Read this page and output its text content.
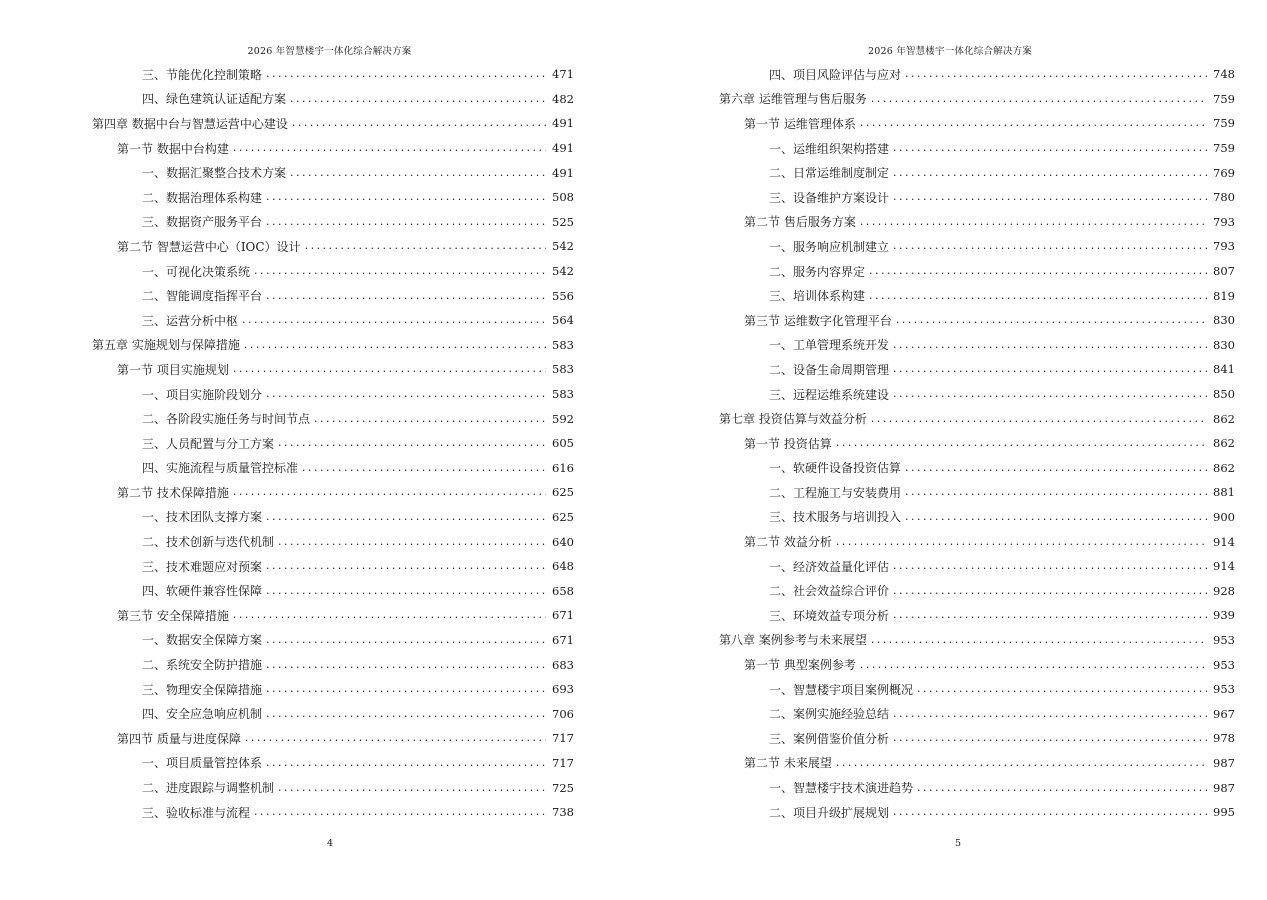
2026 年智慧楼宇一体化综合解决方案
三、节能优化控制策略 . . .	471
四、绿色建筑认证适配方案 . . .	482
第四章 数据中台与智慧运营中心建设 . . .	491
第一节 数据中台构建 . . .	491
一、数据汇聚整合技术方案 . . .	491
二、数据治理体系构建 . . .	508
三、数据资产服务平台 . . .	525
第二节 智慧运营中心（IOC）设计 . . .	542
一、可视化决策系统 . . .	542
二、智能调度指挥平台 . . .	556
三、运营分析中枢 . . .	564
第五章 实施规划与保障措施 . . .	583
第一节 项目实施规划 . . .	583
一、项目实施阶段划分 . . .	583
二、各阶段实施任务与时间节点 . . .	592
三、人员配置与分工方案 . . .	605
四、实施流程与质量管控标准 . . .	616
第二节 技术保障措施 . . .	625
一、技术团队支撑方案 . . .	625
二、技术创新与迭代机制 . . .	640
三、技术难题应对预案 . . .	648
四、软硬件兼容性保障 . . .	658
第三节 安全保障措施 . . .	671
一、数据安全保障方案 . . .	671
二、系统安全防护措施 . . .	683
三、物理安全保障措施 . . .	693
四、安全应急响应机制 . . .	706
第四节 质量与进度保障 . . .	717
一、项目质量管控体系 . . .	717
二、进度跟踪与调整机制 . . .	725
三、验收标准与流程 . . .	738
4
2026 年智慧楼宇一体化综合解决方案
四、项目风险评估与应对 . . .	748
第六章 运维管理与售后服务 . . .	759
第一节 运维管理体系 . . .	759
一、运维组织架构搭建 . . .	759
二、日常运维制度制定 . . .	769
三、设备维护方案设计 . . .	780
第二节 售后服务方案 . . .	793
一、服务响应机制建立 . . .	793
二、服务内容界定 . . .	807
三、培训体系构建 . . .	819
第三节 运维数字化管理平台 . . .	830
一、工单管理系统开发 . . .	830
二、设备生命周期管理 . . .	841
三、远程运维系统建设 . . .	850
第七章 投资估算与效益分析 . . .	862
第一节 投资估算 . . .	862
一、软硬件设备投资估算 . . .	862
二、工程施工与安装费用 . . .	881
三、技术服务与培训投入 . . .	900
第二节 效益分析 . . .	914
一、经济效益量化评估 . . .	914
二、社会效益综合评价 . . .	928
三、环境效益专项分析 . . .	939
第八章 案例参考与未来展望 . . .	953
第一节 典型案例参考 . . .	953
一、智慧楼宇项目案例概况 . . .	953
二、案例实施经验总结 . . .	967
三、案例借鉴价值分析 . . .	978
第二节 未来展望 . . .	987
一、智慧楼宇技术演进趋势 . . .	987
二、项目升级扩展规划 . . .	995
5
